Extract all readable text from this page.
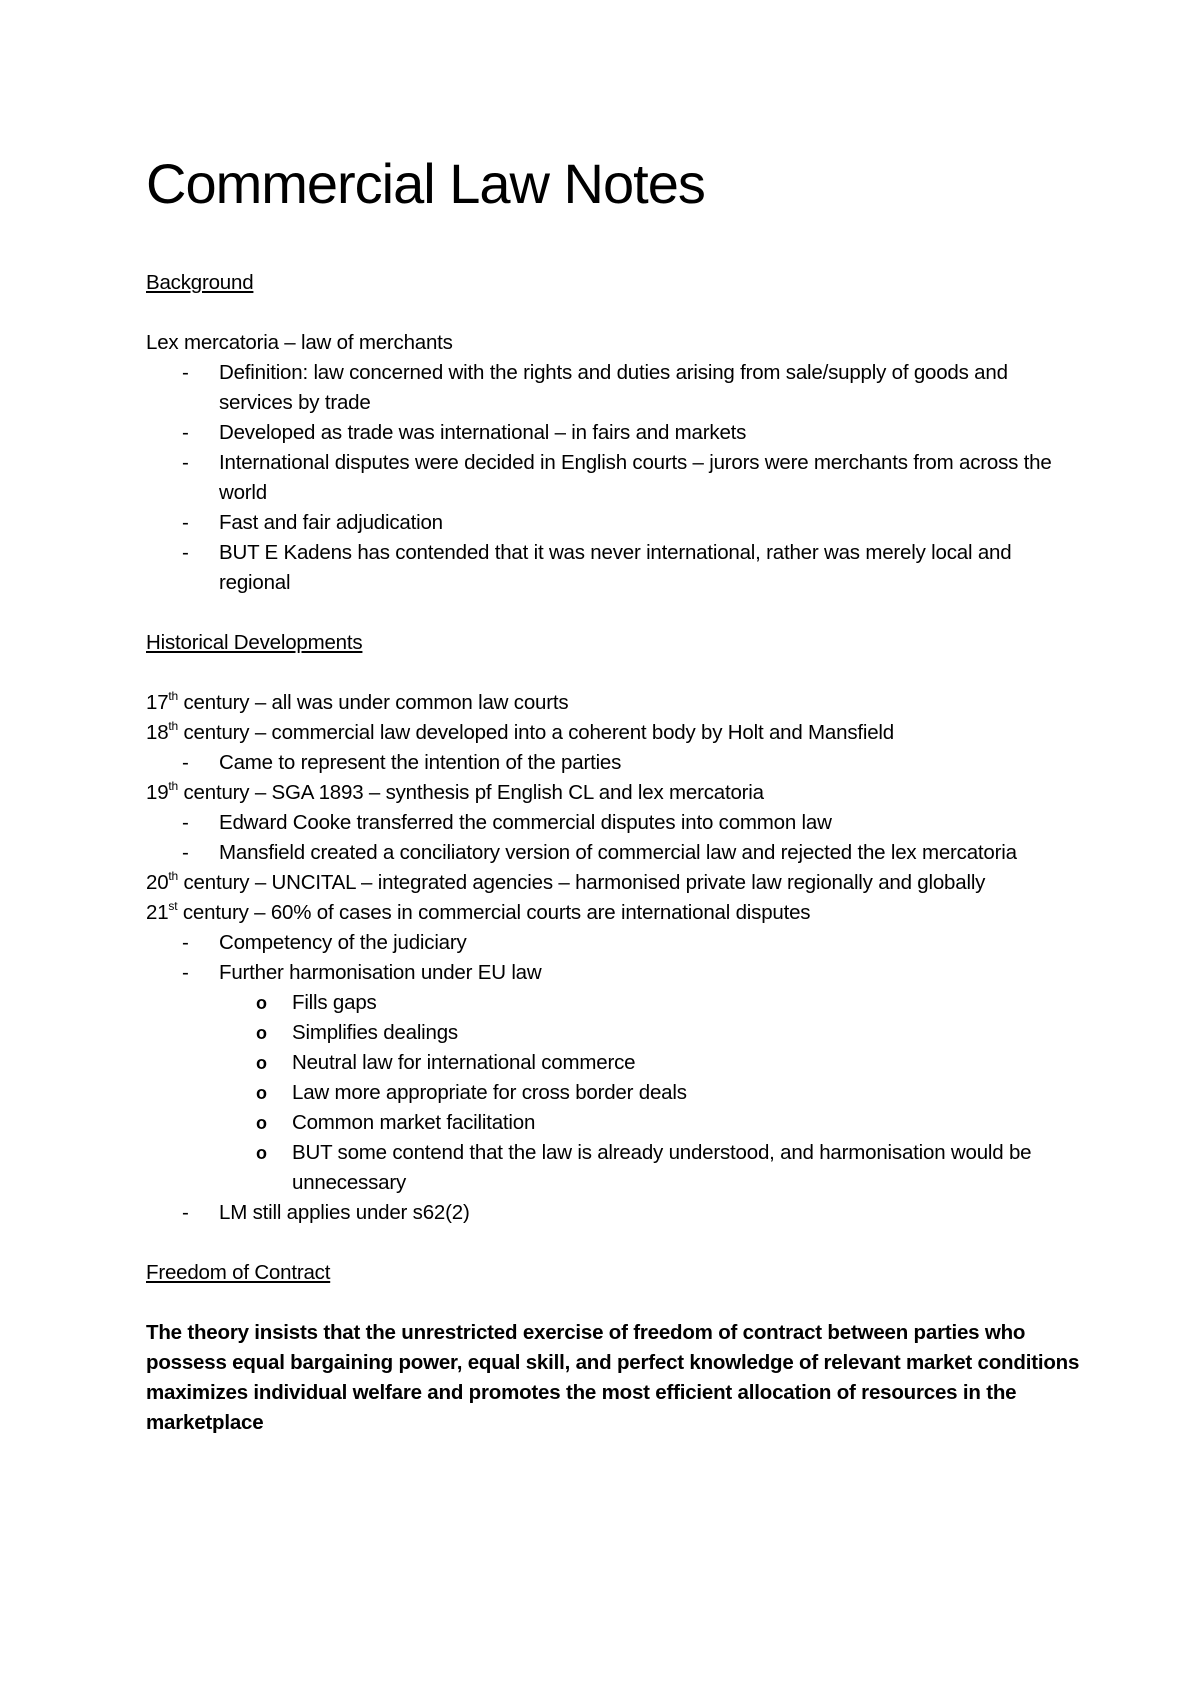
Commercial Law Notes

Background

Lex mercatoria – law of merchants

- Definition: law concerned with the rights and duties arising from sale/supply of goods and services by trade
- Developed as trade was international – in fairs and markets
- International disputes were decided in English courts – jurors were merchants from across the world
- Fast and fair adjudication
- BUT E Kadens has contended that it was never international, rather was merely local and regional

Historical Developments

17th century – all was under common law courts

18th century – commercial law developed into a coherent body by Holt and Mansfield

- Came to represent the intention of the parties

19th century – SGA 1893 – synthesis pf English CL and lex mercatoria

- Edward Cooke transferred the commercial disputes into common law
- Mansfield created a conciliatory version of commercial law and rejected the lex mercatoria

20th century – UNCITAL – integrated agencies – harmonised private law regionally and globally

21st century – 60% of cases in commercial courts are international disputes

- Competency of the judiciary
- Further harmonisation under EU law
o Fills gaps
o Simplifies dealings
o Neutral law for international commerce
o Law more appropriate for cross border deals
o Common market facilitation
o BUT some contend that the law is already understood, and harmonisation would be unnecessary
- LM still applies under s62(2)

Freedom of Contract

The theory insists that the unrestricted exercise of freedom of contract between parties who possess equal bargaining power, equal skill, and perfect knowledge of relevant market conditions maximizes individual welfare and promotes the most efficient allocation of resources in the marketplace
